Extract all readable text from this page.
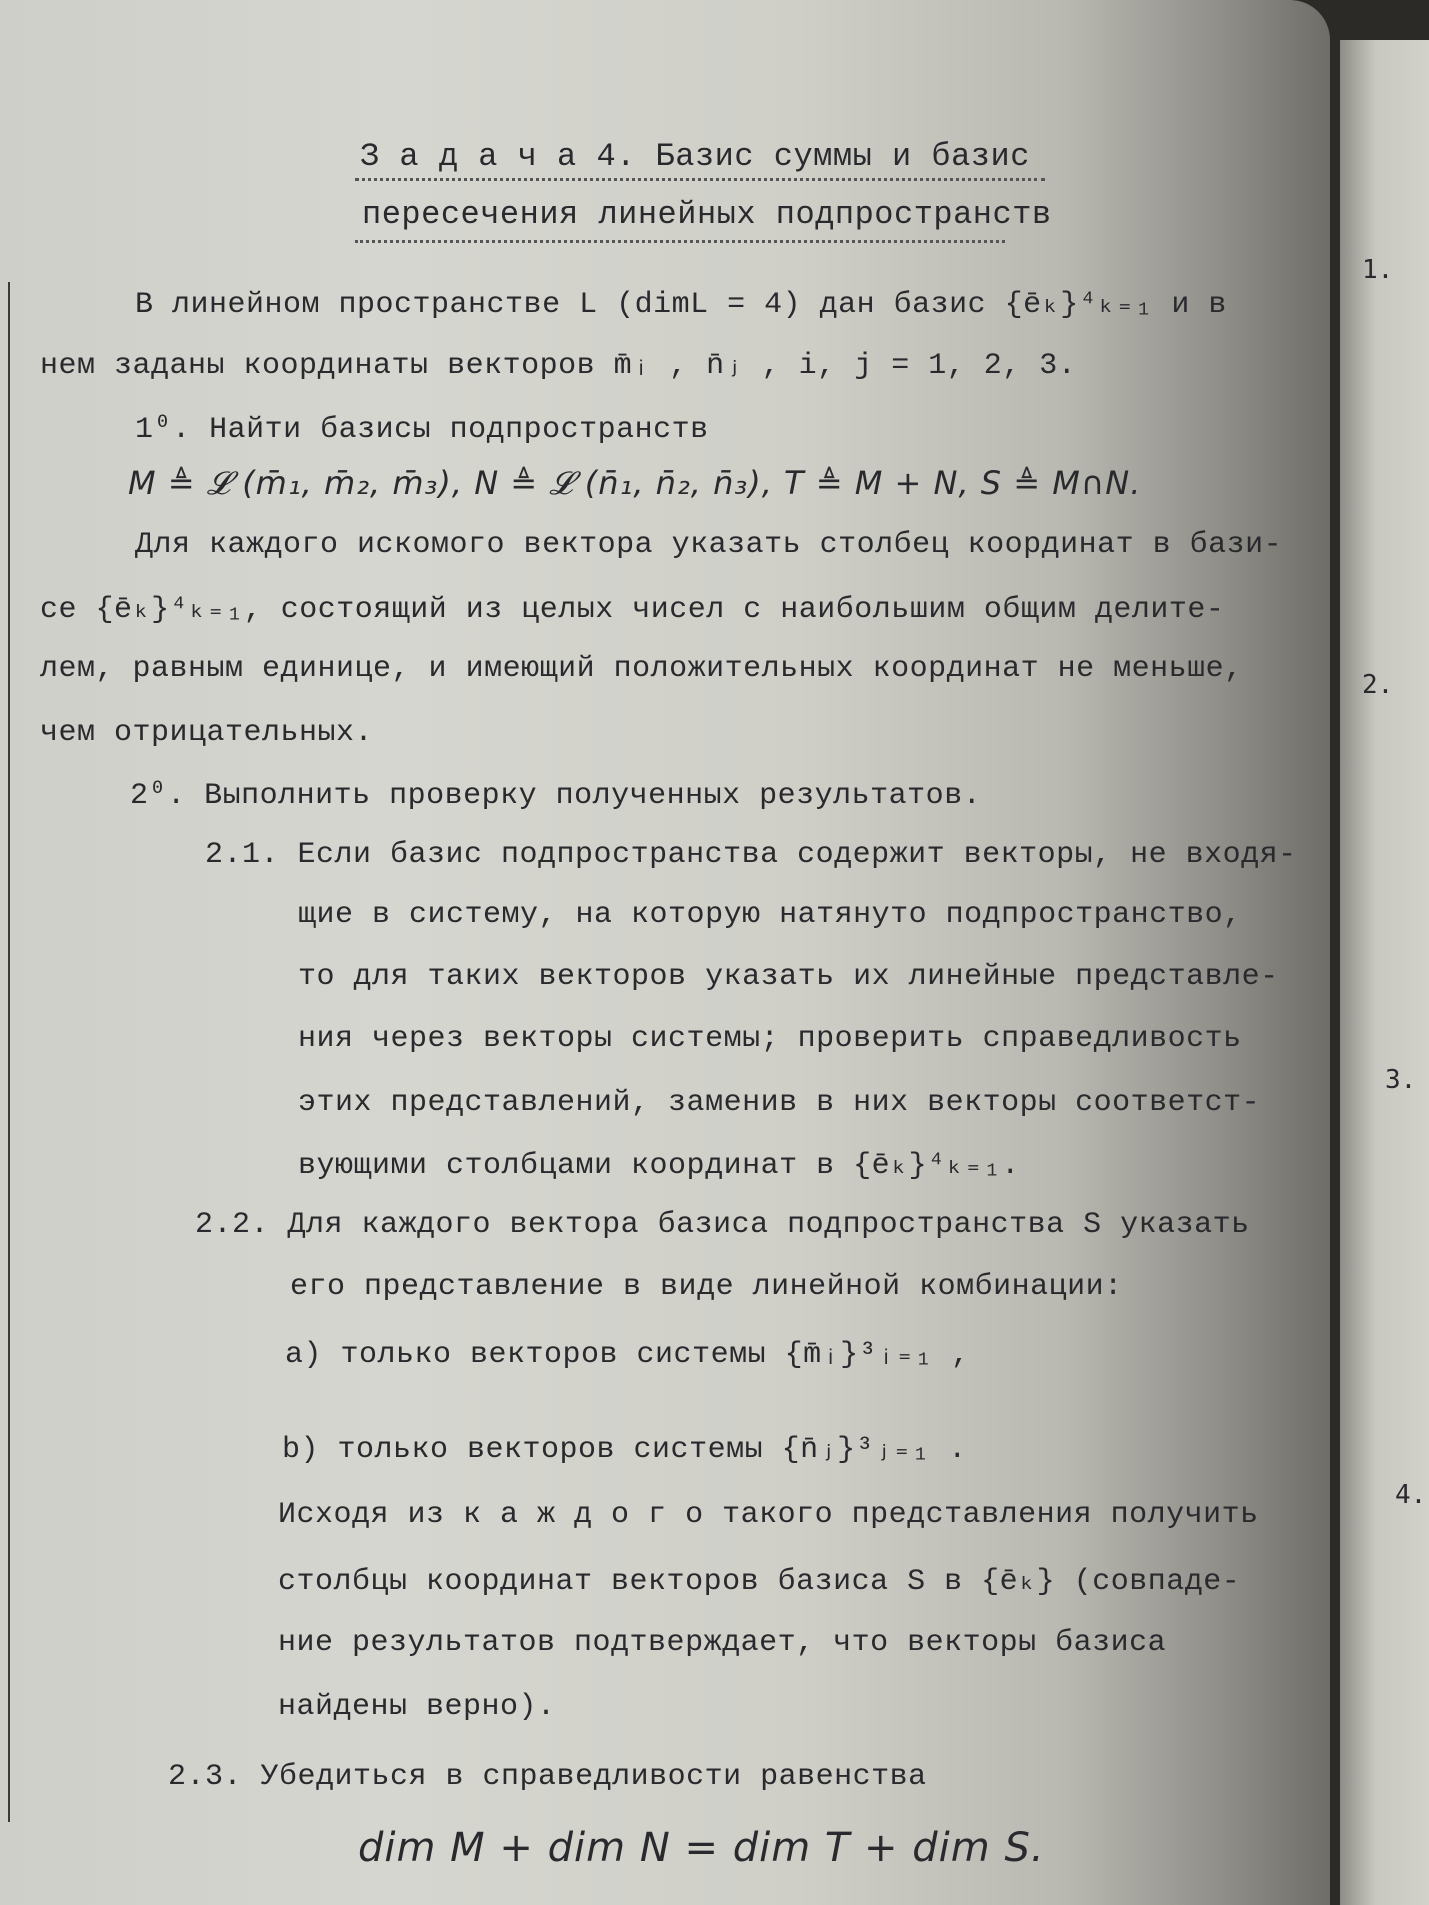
З а д а ч а 4. Базис суммы и базис
пересечения линейных подпространств
В линейном пространстве L (dimL = 4) дан базис {ēₖ}⁴ₖ₌₁ и в
нем заданы координаты векторов m̄ᵢ , n̄ⱼ , i, j = 1, 2, 3.
1⁰. Найти базисы подпространств
M ≜ 𝓛 (m̄₁, m̄₂, m̄₃), N ≜ 𝓛 (n̄₁, n̄₂, n̄₃), T ≜ M + N, S ≜ M∩N.
Для каждого искомого вектора указать столбец координат в бази-
се {ēₖ}⁴ₖ₌₁, состоящий из целых чисел с наибольшим общим делите-
лем, равным единице, и имеющий положительных координат не меньше,
чем отрицательных.
2⁰. Выполнить проверку полученных результатов.
2.1. Если базис подпространства содержит векторы, не входя-
щие в систему, на которую натянуто подпространство,
то для таких векторов указать их линейные представле-
ния через векторы системы; проверить справедливость
этих представлений, заменив в них векторы соответст-
вующими столбцами координат в {ēₖ}⁴ₖ₌₁.
2.2. Для каждого вектора базиса подпространства S указать
его представление в виде линейной комбинации:
а) только векторов системы {m̄ᵢ}³ᵢ₌₁ ,
b) только векторов системы {n̄ⱼ}³ⱼ₌₁ .
Исходя из к а ж д о г о такого представления получить
столбцы координат векторов базиса S в {ēₖ} (совпаде-
ние результатов подтверждает, что векторы базиса
найдены верно).
2.3. Убедиться в справедливости равенства
dim M + dim N = dim T + dim S.
1.
2.
3.
4.
